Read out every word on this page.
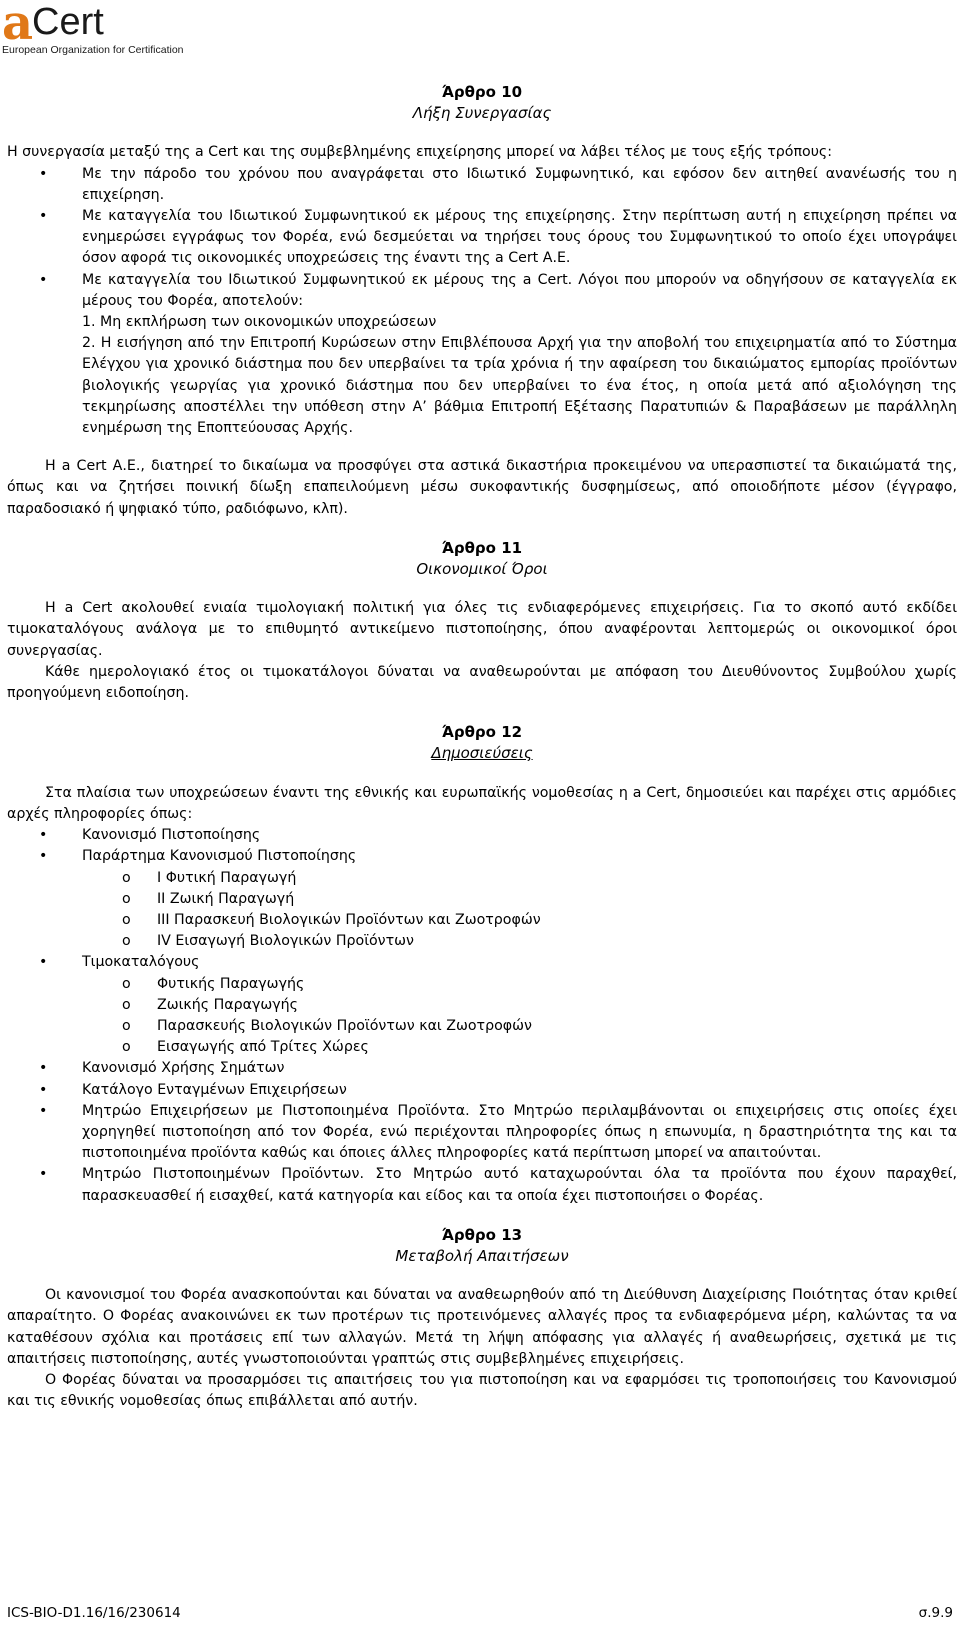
a
Cert
European Organization for Certification
Άρθρο 10
Λήξη Συνεργασίας

Η συνεργασία μεταξύ της a Cert και της συμβεβλημένης επιχείρησης μπορεί να λάβει τέλος με τους εξής τρόπους:

• Με την πάροδο του χρόνου που αναγράφεται στο Ιδιωτικό Συμφωνητικό, και εφόσον δεν αιτηθεί ανανέωσής του η επιχείρηση.
• Με καταγγελία του Ιδιωτικού Συμφωνητικού εκ μέρους της επιχείρησης. Στην περίπτωση αυτή η επιχείρηση πρέπει να ενημερώσει εγγράφως τον Φορέα, ενώ δεσμεύεται να τηρήσει τους όρους του Συμφωνητικού το οποίο έχει υπογράψει όσον αφορά τις οικονομικές υποχρεώσεις της έναντι της a Cert Α.Ε.
• Με καταγγελία του Ιδιωτικού Συμφωνητικού εκ μέρους της a Cert. Λόγοι που μπορούν να οδηγήσουν σε καταγγελία εκ μέρους του Φορέα, αποτελούν:
1. Μη εκπλήρωση των οικονομικών υποχρεώσεων
2. Η εισήγηση από την Επιτροπή Κυρώσεων στην Επιβλέπουσα Αρχή για την αποβολή του επιχειρηματία από το Σύστημα Ελέγχου για χρονικό διάστημα που δεν υπερβαίνει τα τρία χρόνια ή την αφαίρεση του δικαιώματος εμπορίας προϊόντων βιολογικής γεωργίας για χρονικό διάστημα που δεν υπερβαίνει το ένα έτος, η οποία μετά από αξιολόγηση της τεκμηρίωσης αποστέλλει την υπόθεση στην Α’ βάθμια Επιτροπή Εξέτασης Παρατυπιών & Παραβάσεων με παράλληλη ενημέρωση της Εποπτεύουσας Αρχής.

Η a Cert Α.Ε., διατηρεί το δικαίωμα να προσφύγει στα αστικά δικαστήρια προκειμένου να υπερασπιστεί τα δικαιώματά της, όπως και να ζητήσει ποινική δίωξη επαπειλούμενη μέσω συκοφαντικής δυσφημίσεως, από οποιοδήποτε μέσον (έγγραφο, παραδοσιακό ή ψηφιακό τύπο, ραδιόφωνο, κλπ).

Άρθρο 11
Οικονομικοί Όροι

Η a Cert ακολουθεί ενιαία τιμολογιακή πολιτική για όλες τις ενδιαφερόμενες επιχειρήσεις. Για το σκοπό αυτό εκδίδει τιμοκαταλόγους ανάλογα με το επιθυμητό αντικείμενο πιστοποίησης, όπου αναφέρονται λεπτομερώς οι οικονομικοί όροι συνεργασίας.

Κάθε ημερολογιακό έτος οι τιμοκατάλογοι δύναται να αναθεωρούνται με απόφαση του Διευθύνοντος Συμβούλου χωρίς προηγούμενη ειδοποίηση.

Άρθρο 12
Δημοσιεύσεις

Στα πλαίσια των υποχρεώσεων έναντι της εθνικής και ευρωπαϊκής νομοθεσίας η a Cert, δημοσιεύει και παρέχει στις αρμόδιες αρχές πληροφορίες όπως:

• Κανονισμό Πιστοποίησης
• Παράρτημα Κανονισμού Πιστοποίησης
o I Φυτική Παραγωγή
o II Ζωική Παραγωγή
o III Παρασκευή Βιολογικών Προϊόντων και Ζωοτροφών
o IV Εισαγωγή Βιολογικών Προϊόντων
• Τιμοκαταλόγους
o Φυτικής Παραγωγής
o Ζωικής Παραγωγής
o Παρασκευής Βιολογικών Προϊόντων και Ζωοτροφών
o Εισαγωγής από Τρίτες Χώρες
• Κανονισμό Χρήσης Σημάτων
• Κατάλογο Ενταγμένων Επιχειρήσεων
• Μητρώο Επιχειρήσεων με Πιστοποιημένα Προϊόντα. Στο Μητρώο περιλαμβάνονται οι επιχειρήσεις στις οποίες έχει χορηγηθεί πιστοποίηση από τον Φορέα, ενώ περιέχονται πληροφορίες όπως η επωνυμία, η δραστηριότητα της και τα πιστοποιημένα προϊόντα καθώς και όποιες άλλες πληροφορίες κατά περίπτωση μπορεί να απαιτούνται.
• Μητρώο Πιστοποιημένων Προϊόντων. Στο Μητρώο αυτό καταχωρούνται όλα τα προϊόντα που έχουν παραχθεί, παρασκευασθεί ή εισαχθεί, κατά κατηγορία και είδος και τα οποία έχει πιστοποιήσει ο Φορέας.
Άρθρο 13
Μεταβολή Απαιτήσεων

Οι κανονισμοί του Φορέα ανασκοπούνται και δύναται να αναθεωρηθούν από τη Διεύθυνση Διαχείρισης Ποιότητας όταν κριθεί απαραίτητο. Ο Φορέας ανακοινώνει εκ των προτέρων τις προτεινόμενες αλλαγές προς τα ενδιαφερόμενα μέρη, καλώντας τα να καταθέσουν σχόλια και προτάσεις επί των αλλαγών. Μετά τη λήψη απόφασης για αλλαγές ή αναθεωρήσεις, σχετικά με τις απαιτήσεις πιστοποίησης, αυτές γνωστοποιούνται γραπτώς στις συμβεβλημένες επιχειρήσεις.

Ο Φορέας δύναται να προσαρμόσει τις απαιτήσεις του για πιστοποίηση και να εφαρμόσει τις τροποποιήσεις του Κανονισμού και τις εθνικής νομοθεσίας όπως επιβάλλεται από αυτήν.

ICS-BIO-D1.16/16/230614	σ.9.9
